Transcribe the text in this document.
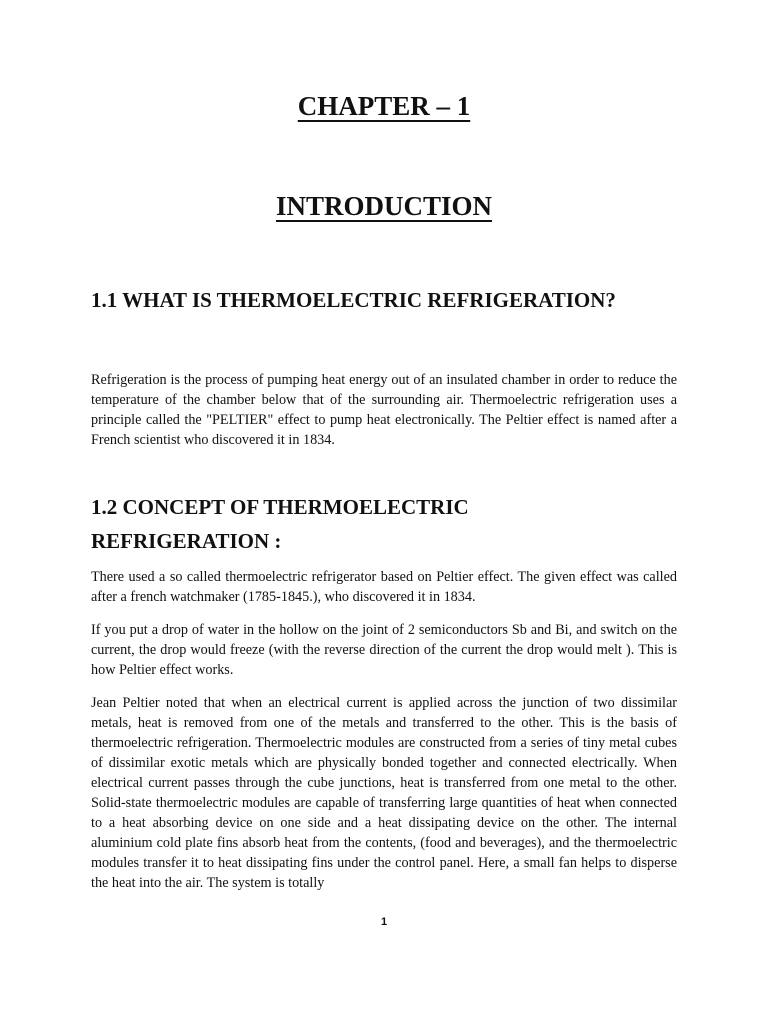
CHAPTER – 1
INTRODUCTION
1.1 WHAT IS THERMOELECTRIC REFRIGERATION?

Refrigeration is the process of pumping heat energy out of an insulated chamber in order to reduce the temperature of the chamber below that of the surrounding air. Thermoelectric refrigeration uses a principle called the "PELTIER" effect to pump heat electronically. The Peltier effect is named after a French scientist who discovered it in 1834.

1.2 CONCEPT OF THERMOELECTRIC REFRIGERATION :

There used a so called thermoelectric refrigerator based on Peltier effect. The given effect was called after a french watchmaker (1785-1845.), who discovered it in 1834.

If you put a drop of water in the hollow on the joint of 2 semiconductors Sb and Bi, and switch on the current, the drop would freeze (with the reverse direction of the current the drop would melt ). This is how Peltier effect works.

Jean Peltier noted that when an electrical current is applied across the junction of two dissimilar metals, heat is removed from one of the metals and transferred to the other. This is the basis of thermoelectric refrigeration. Thermoelectric modules are constructed from a series of tiny metal cubes of dissimilar exotic metals which are physically bonded together and connected electrically. When electrical current passes through the cube junctions, heat is transferred from one metal to the other. Solid-state thermoelectric modules are capable of transferring large quantities of heat when connected to a heat absorbing device on one side and a heat dissipating device on the other. The internal aluminium cold plate fins absorb heat from the contents, (food and beverages), and the thermoelectric modules transfer it to heat dissipating fins under the control panel. Here, a small fan helps to disperse the heat into the air. The system is totally

1
